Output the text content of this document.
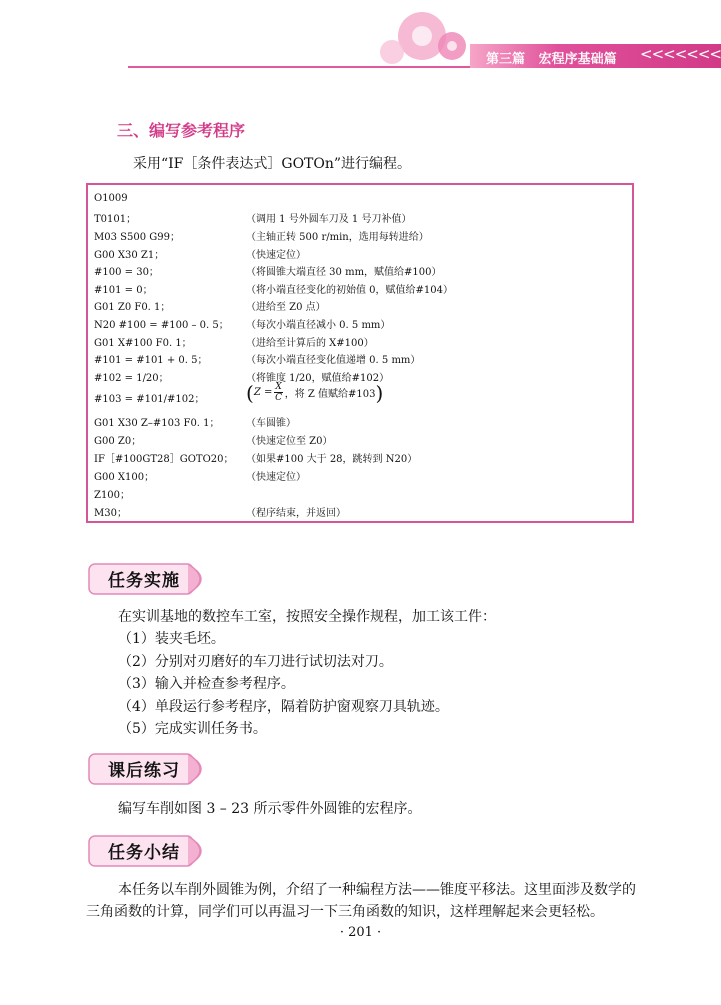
第三篇 宏程序基础篇 <<<<<<<
三、编写参考程序
采用“IF［条件表达式］GOTOn”进行编程。
O1009
T0101；	（调用 1 号外圆车刀及 1 号刀补值）
M03 S500 G99；	（主轴正转 500 r/min，选用每转进给）
G00 X30 Z1；	（快速定位）
#100 = 30；	（将圆锥大端直径 30 mm，赋值给#100）
#101 = 0；	（将小端直径变化的初始值 0，赋值给#104）
G01 Z0 F0. 1；	（进给至 Z0 点）
N20 #100 = #100 – 0. 5； （每次小端直径减小 0. 5 mm）
G01 X#100 F0. 1；	（进给至计算后的 X#100）
#101 = #101 + 0. 5；	（每次小端直径变化值递增 0. 5 mm）
#102 = 1/20；	（将锥度 1/20，赋值给#102）
#103 = #101/#102； ( $Z = \frac{X}{C}$ ，将 Z 值赋给#103 )
G01 X30 Z–#103 F0. 1；	（车圆锥）
G00 Z0；	（快速定位至 Z0）
IF［#100GT28］GOTO20； （如果#100 大于 28，跳转到 N20）
G00 X100；	（快速定位）
Z100；
M30；	（程序结束，并返回）
任务实施
在实训基地的数控车工室，按照安全操作规程，加工该工件：
（1）装夹毛坯。
（2）分别对刃磨好的车刀进行试切法对刀。
（3）输入并检查参考程序。
（4）单段运行参考程序，隔着防护窗观察刀具轨迹。
（5）完成实训任务书。
课后练习
编写车削如图 3 – 23 所示零件外圆锥的宏程序。
任务小结
本任务以车削外圆锥为例，介绍了一种编程方法——锥度平移法。这里面涉及数学的三角函数的计算，同学们可以再温习一下三角函数的知识，这样理解起来会更轻松。
· 201 ·
